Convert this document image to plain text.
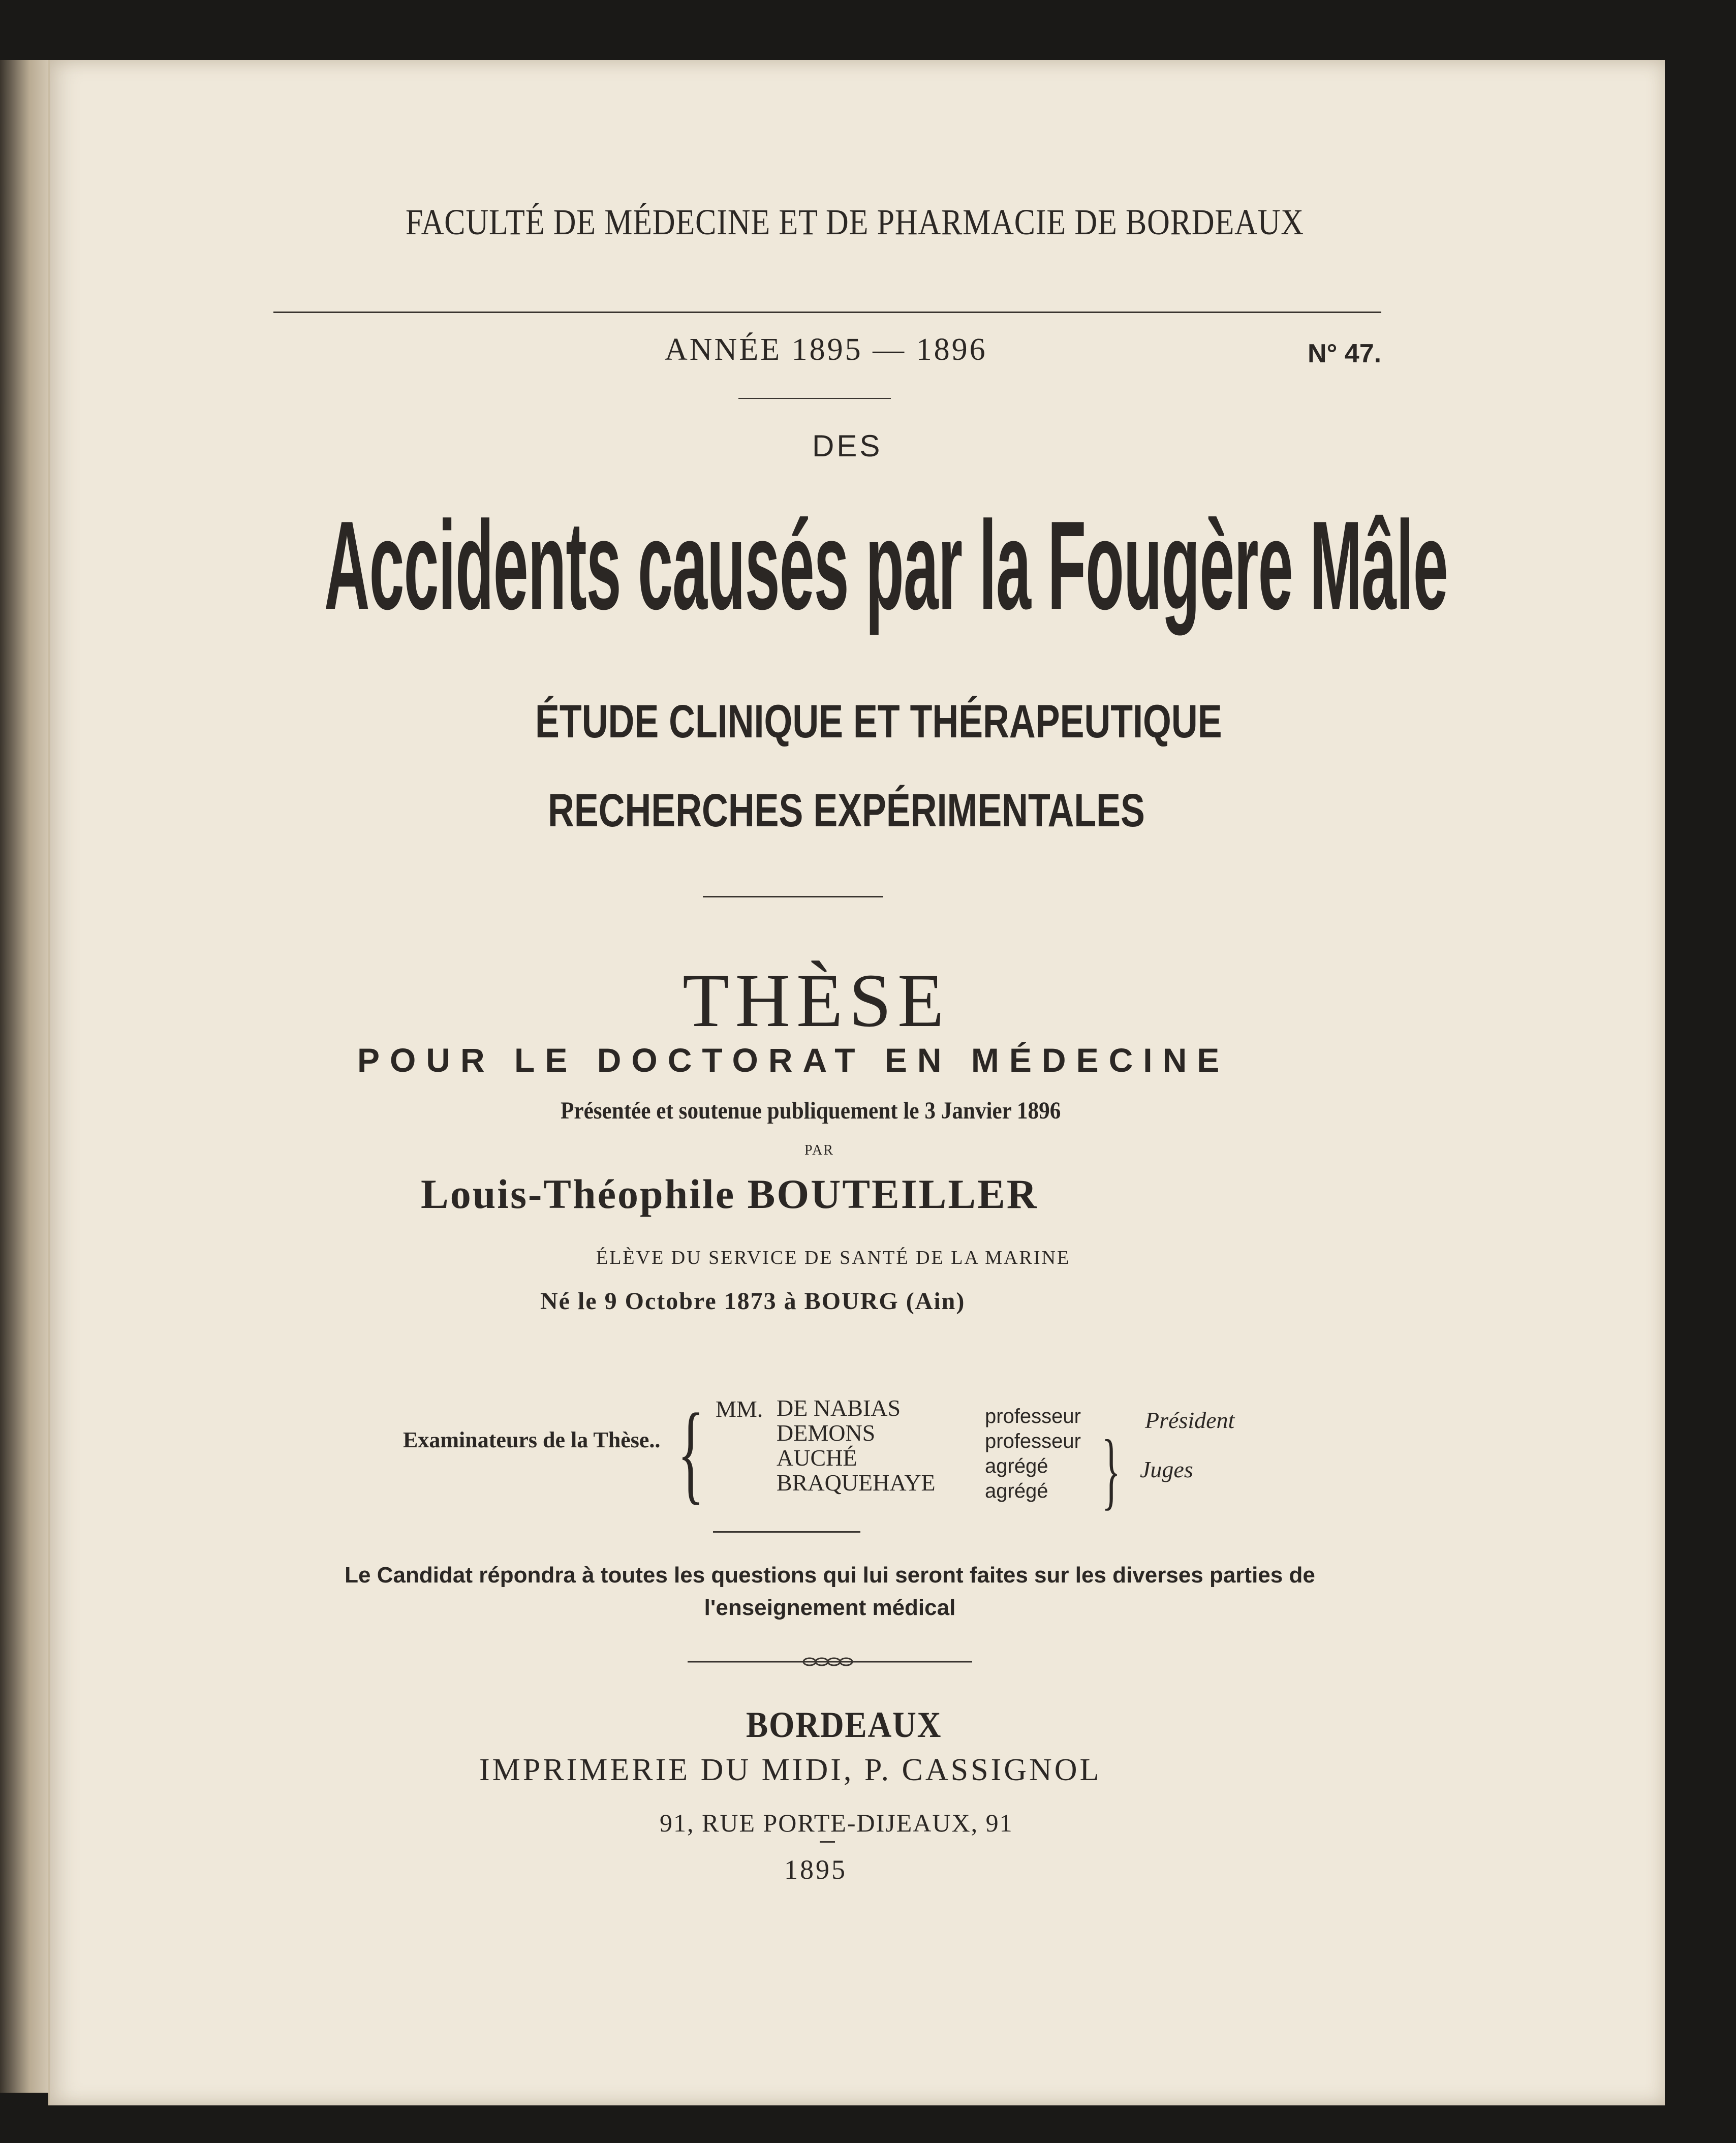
FACULTÉ DE MÉDECINE ET DE PHARMACIE DE BORDEAUX
ANNÉE 1895 — 1896	N° 47.
DES
Accidents causés par la Fougère Mâle
ÉTUDE CLINIQUE ET THÉRAPEUTIQUE
RECHERCHES EXPÉRIMENTALES
THÈSE
POUR LE DOCTORAT EN MÉDECINE
Présentée et soutenue publiquement le 3 Janvier 1896
PAR
Louis-Théophile BOUTEILLER
ÉLÈVE DU SERVICE DE SANTÉ DE LA MARINE
Né le 9 Octobre 1873 à BOURG (Ain)
Examinateurs de la Thèse.. { MM. DE NABIAS
DEMONS
AUCHÉ
BRAQUEHAYE
professeur
professeur
agrégé
agrégé }
Président
Juges
Le Candidat répondra à toutes les questions qui lui seront faites sur les diverses parties de l'enseignement médical
BORDEAUX
IMPRIMERIE DU MIDI, P. CASSIGNOL
91, RUE PORTE-DIJEAUX, 91
1895
